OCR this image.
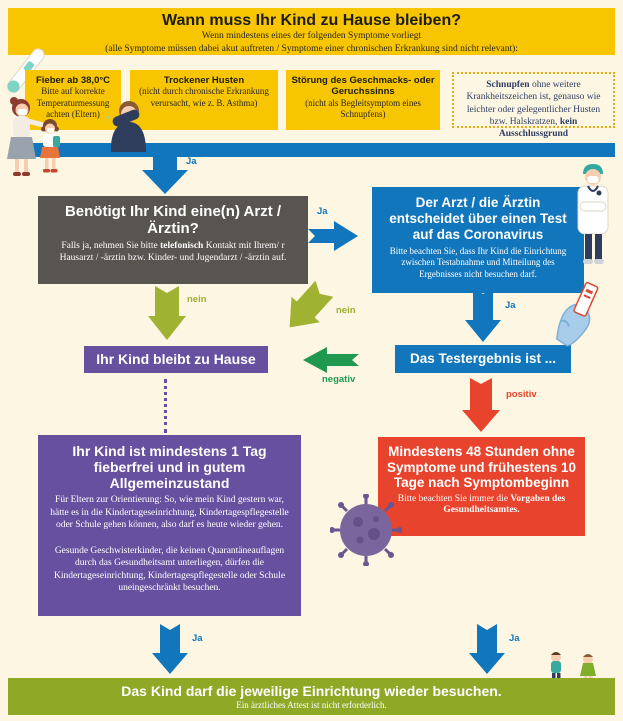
Wann muss Ihr Kind zu Hause bleiben?
Wenn mindestens eines der folgenden Symptome vorliegt
(alle Symptome müssen dabei akut auftreten / Symptome einer chronischen Erkrankung sind nicht relevant):
Fieber ab 38,0°C
Bitte auf korrekte Temperaturmessung achten (Eltern)
Trockener Husten
(nicht durch chronische Erkrankung verursacht, wie z. B. Asthma)
Störung des Geschmacks- oder Geruchssinns
(nicht als Begleitsymptom eines Schnupfens)
Schnupfen ohne weitere Krankheitszeichen ist, genauso wie leichter oder gelegentlicher Husten bzw. Halskratzen, kein Ausschlussgrund
?
Ja
Benötigt Ihr Kind eine(n) Arzt / Ärztin?
Falls ja, nehmen Sie bitte telefonisch Kontakt mit Ihrem/ r Hausarzt / -ärztin bzw. Kinder- und Jugendarzt / -ärztin auf.
Ja
Der Arzt / die Ärztin entscheidet über einen Test auf das Coronavirus
Bitte beachten Sie, dass Ihr Kind die Einrichtung zwischen Testabnahme und Mitteilung des Ergebnisses nicht besuchen darf.
nein
nein
Ihr Kind bleibt zu Hause
negativ
Ja
Das Testergebnis ist ...
positiv
Ihr Kind ist mindestens 1 Tag fieberfrei und in gutem Allgemeinzustand
Für Eltern zur Orientierung: So, wie mein Kind gestern war, hätte es in die Kindertageseinrichtung, Kindertagespflegestelle oder Schule gehen können, also darf es heute wieder gehen.
Gesunde Geschwisterkinder, die keinen Quarantäneauflagen durch das Gesundheitsamt unterliegen, dürfen die Kindertageseinrichtung, Kindertagespflegestelle oder Schule uneingeschränkt besuchen.
Mindestens 48 Stunden ohne Symptome und frühestens 10 Tage nach Symptombeginn
Bitte beachten Sie immer die Vorgaben des Gesundheitsamtes.
Ja	Ja
Das Kind darf die jeweilige Einrichtung wieder besuchen.
Ein ärztliches Attest ist nicht erforderlich.
